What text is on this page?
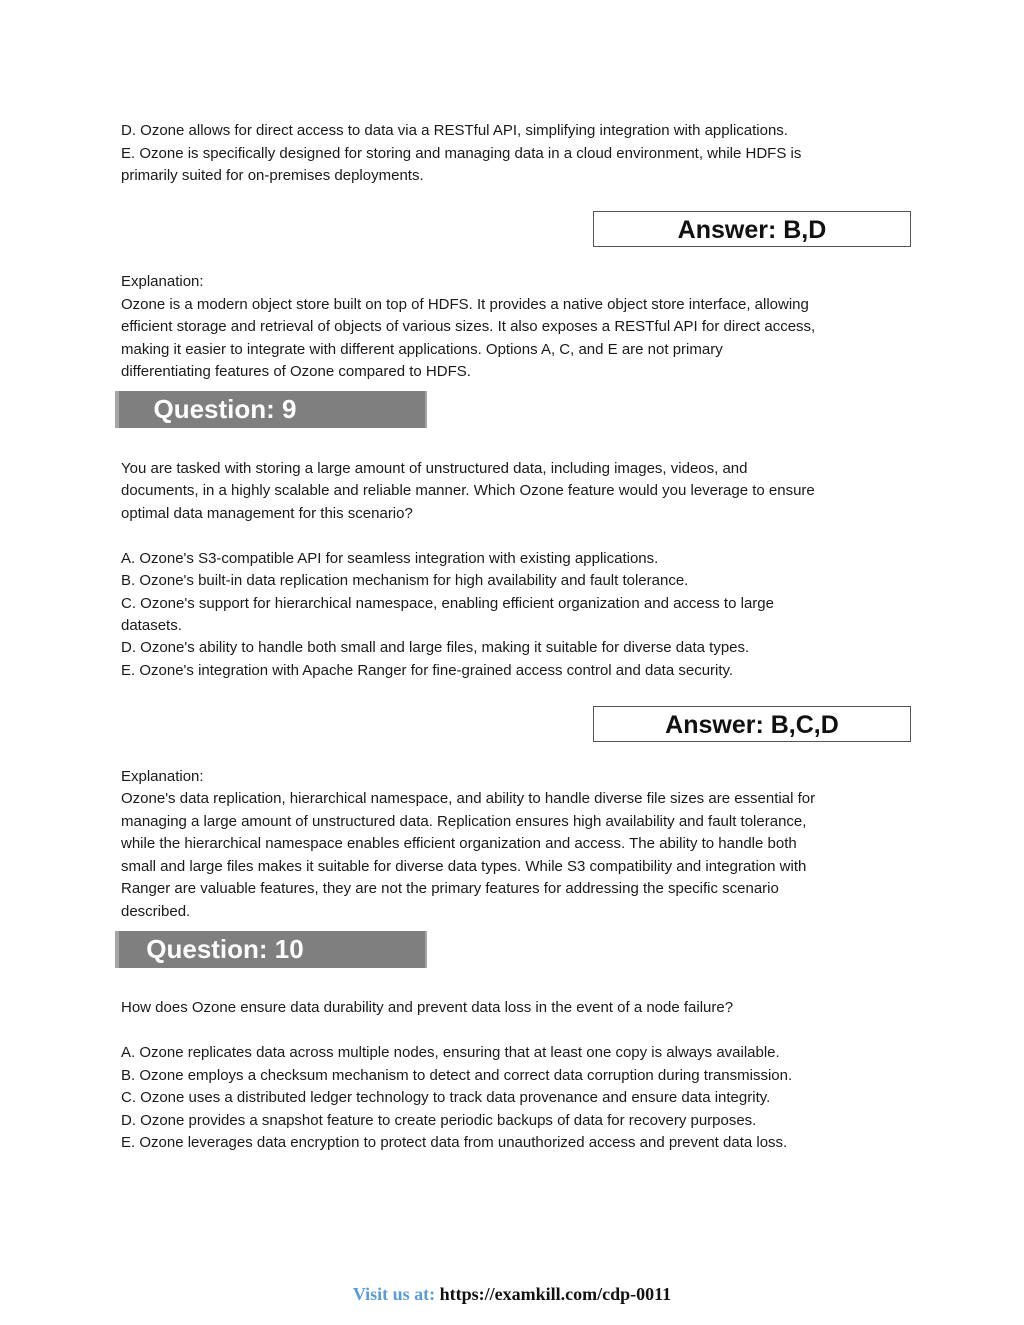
D. Ozone allows for direct access to data via a RESTful API, simplifying integration with applications.
E. Ozone is specifically designed for storing and managing data in a cloud environment, while HDFS is
primarily suited for on-premises deployments.
Answer: B,D
Explanation:
Ozone is a modern object store built on top of HDFS. It provides a native object store interface, allowing
efficient storage and retrieval of objects of various sizes. It also exposes a RESTful API for direct access,
making it easier to integrate with different applications. Options A, C, and E are not primary
differentiating features of Ozone compared to HDFS.
Question: 9
You are tasked with storing a large amount of unstructured data, including images, videos, and
documents, in a highly scalable and reliable manner. Which Ozone feature would you leverage to ensure
optimal data management for this scenario?
A. Ozone's S3-compatible API for seamless integration with existing applications.
B. Ozone's built-in data replication mechanism for high availability and fault tolerance.
C. Ozone's support for hierarchical namespace, enabling efficient organization and access to large
datasets.
D. Ozone's ability to handle both small and large files, making it suitable for diverse data types.
E. Ozone's integration with Apache Ranger for fine-grained access control and data security.
Answer: B,C,D
Explanation:
Ozone's data replication, hierarchical namespace, and ability to handle diverse file sizes are essential for
managing a large amount of unstructured data. Replication ensures high availability and fault tolerance,
while the hierarchical namespace enables efficient organization and access. The ability to handle both
small and large files makes it suitable for diverse data types. While S3 compatibility and integration with
Ranger are valuable features, they are not the primary features for addressing the specific scenario
described.
Question: 10
How does Ozone ensure data durability and prevent data loss in the event of a node failure?
A. Ozone replicates data across multiple nodes, ensuring that at least one copy is always available.
B. Ozone employs a checksum mechanism to detect and correct data corruption during transmission.
C. Ozone uses a distributed ledger technology to track data provenance and ensure data integrity.
D. Ozone provides a snapshot feature to create periodic backups of data for recovery purposes.
E. Ozone leverages data encryption to protect data from unauthorized access and prevent data loss.
Visit us at: https://examkill.com/cdp-0011
